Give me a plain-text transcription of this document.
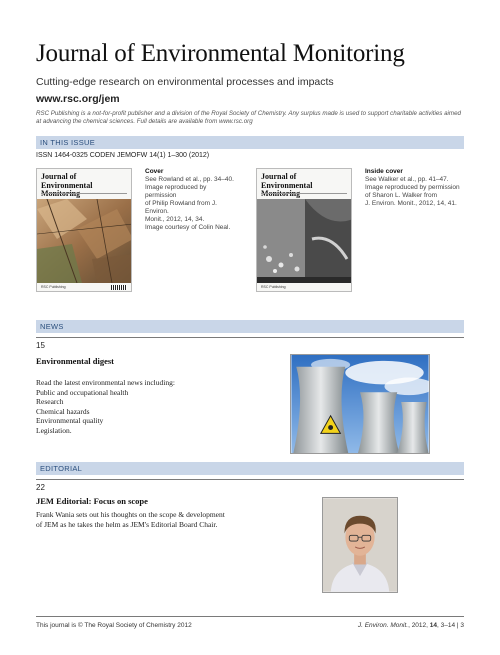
Journal of Environmental Monitoring
Cutting-edge research on environmental processes and impacts
www.rsc.org/jem
RSC Publishing is a not-for-profit publisher and a division of the Royal Society of Chemistry. Any surplus made is used to support charitable activities aimed at advancing the chemical sciences. Full details are available from www.rsc.org
IN THIS ISSUE
ISSN 1464-0325 CODEN JEMOFW 14(1) 1–300 (2012)
Journal of
Environmental

RSC Publishing
Cover
See Rowland et al., pp. 34–40.
Image reproduced by permission
of Philip Rowland from J. Environ.
Monit., 2012, 14, 34.
Image courtesy of Colin Neal.
Journal of
Environmental

RSC Publishing
Inside cover
See Walker et al., pp. 41–47.
Image reproduced by permission
of Sharon L. Walker from
J. Environ. Monit., 2012, 14, 41.
NEWS
15
Environmental digest
Read the latest environmental news including:
Public and occupational health
Research
Chemical hazards
Environmental quality
Legislation.
EDITORIAL
22
JEM Editorial: Focus on scope
Frank Wania sets out his thoughts on the scope & development
of JEM as he takes the helm as JEM's Editorial Board Chair.
This journal is © The Royal Society of Chemistry 2012	J. Environ. Monit., 2012, 14, 3–14 | 3
